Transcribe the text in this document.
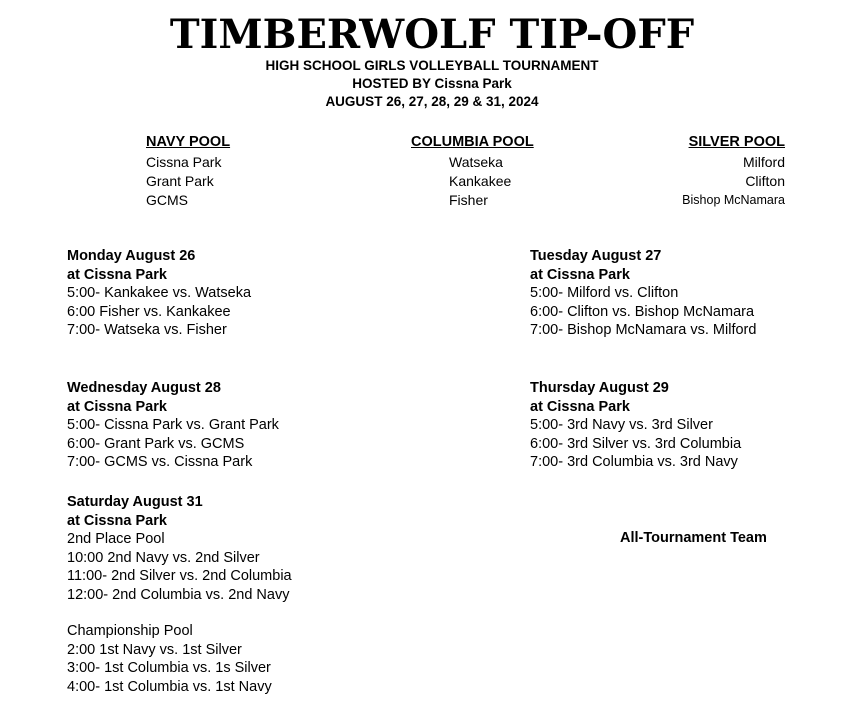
TIMBERWOLF TIP-OFF
HIGH SCHOOL GIRLS VOLLEYBALL TOURNAMENT
HOSTED BY Cissna Park
AUGUST 26, 27, 28, 29 & 31, 2024
NAVY POOL
Cissna Park
Grant Park
GCMS
COLUMBIA POOL
Watseka
Kankakee
Fisher
SILVER POOL
Milford
Clifton
Bishop McNamara
Monday August 26
at Cissna Park
5:00- Kankakee vs. Watseka
6:00 Fisher vs. Kankakee
7:00- Watseka vs. Fisher
Tuesday August 27
at Cissna Park
5:00- Milford vs. Clifton
6:00- Clifton vs. Bishop McNamara
7:00- Bishop McNamara vs. Milford
Wednesday August 28
at Cissna Park
5:00- Cissna Park vs. Grant Park
6:00- Grant Park vs. GCMS
7:00- GCMS vs. Cissna Park
Thursday August 29
at Cissna Park
5:00- 3rd Navy vs. 3rd Silver
6:00- 3rd Silver vs. 3rd Columbia
7:00- 3rd Columbia vs. 3rd Navy
Saturday August 31
at Cissna Park
2nd Place Pool
10:00 2nd Navy vs. 2nd Silver
11:00- 2nd Silver vs. 2nd Columbia
12:00- 2nd Columbia vs. 2nd Navy
Championship Pool
2:00 1st Navy vs. 1st Silver
3:00- 1st Columbia vs. 1s Silver
4:00- 1st Columbia vs. 1st Navy
All-Tournament Team
